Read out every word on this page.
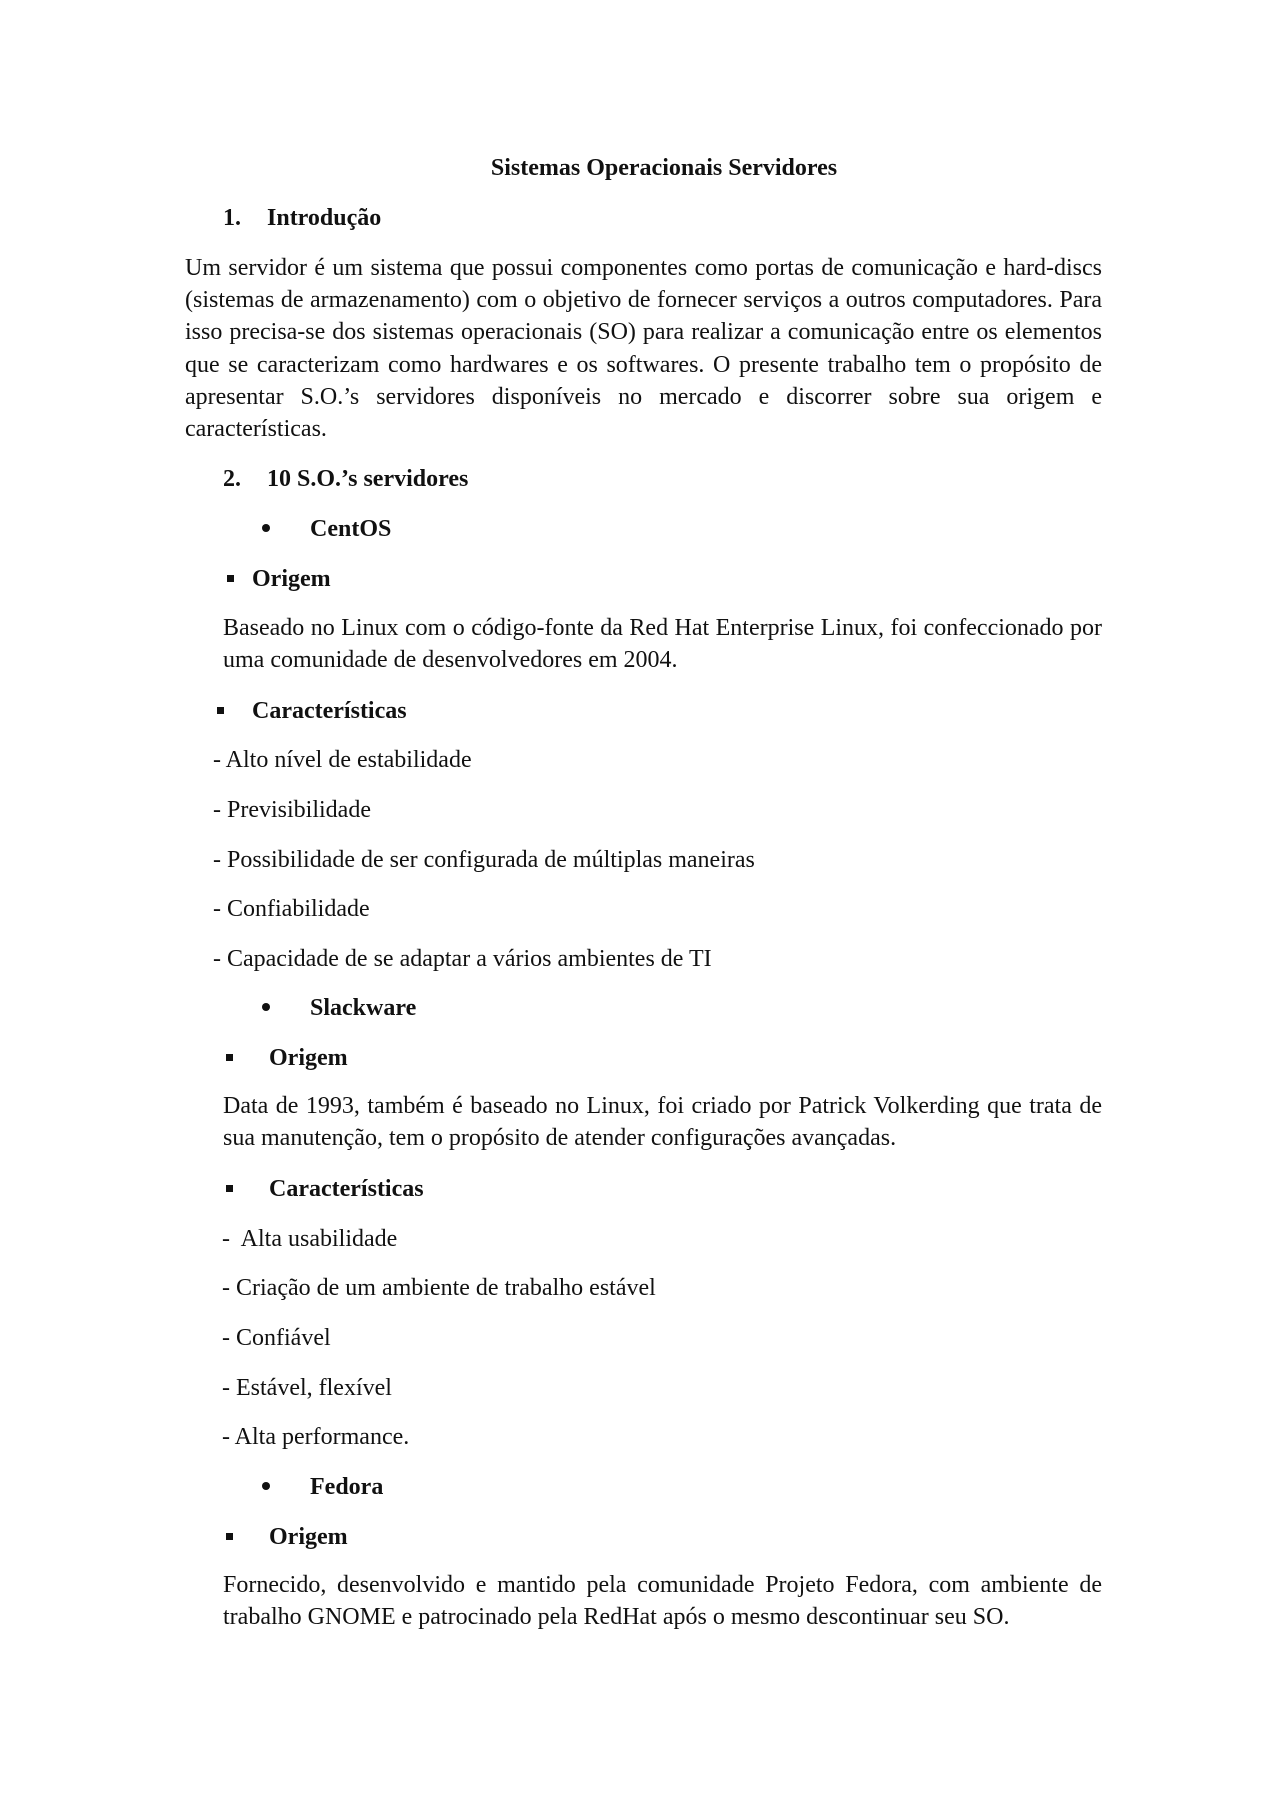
Sistemas Operacionais Servidores
1. Introdução
Um servidor é um sistema que possui componentes como portas de comunicação e hard-discs (sistemas de armazenamento) com o objetivo de fornecer serviços a outros computadores. Para isso precisa-se dos sistemas operacionais (SO) para realizar a comunicação entre os elementos que se caracterizam como hardwares e os softwares. O presente trabalho tem o propósito de apresentar S.O.’s servidores disponíveis no mercado e discorrer sobre sua origem e características.
2. 10 S.O.’s servidores
CentOS
Origem
Baseado no Linux com o código-fonte da Red Hat Enterprise Linux, foi confeccionado por uma comunidade de desenvolvedores em 2004.
Características
- Alto nível de estabilidade
- Previsibilidade
- Possibilidade de ser configurada de múltiplas maneiras
- Confiabilidade
- Capacidade de se adaptar a vários ambientes de TI
Slackware
Origem
Data de 1993, também é baseado no Linux, foi criado por Patrick Volkerding que trata de sua manutenção, tem o propósito de atender configurações avançadas.
Características
-  Alta usabilidade
- Criação de um ambiente de trabalho estável
- Confiável
- Estável, flexível
- Alta performance.
Fedora
Origem
Fornecido, desenvolvido e mantido pela comunidade Projeto Fedora, com ambiente de trabalho GNOME e patrocinado pela RedHat após o mesmo descontinuar seu SO.
